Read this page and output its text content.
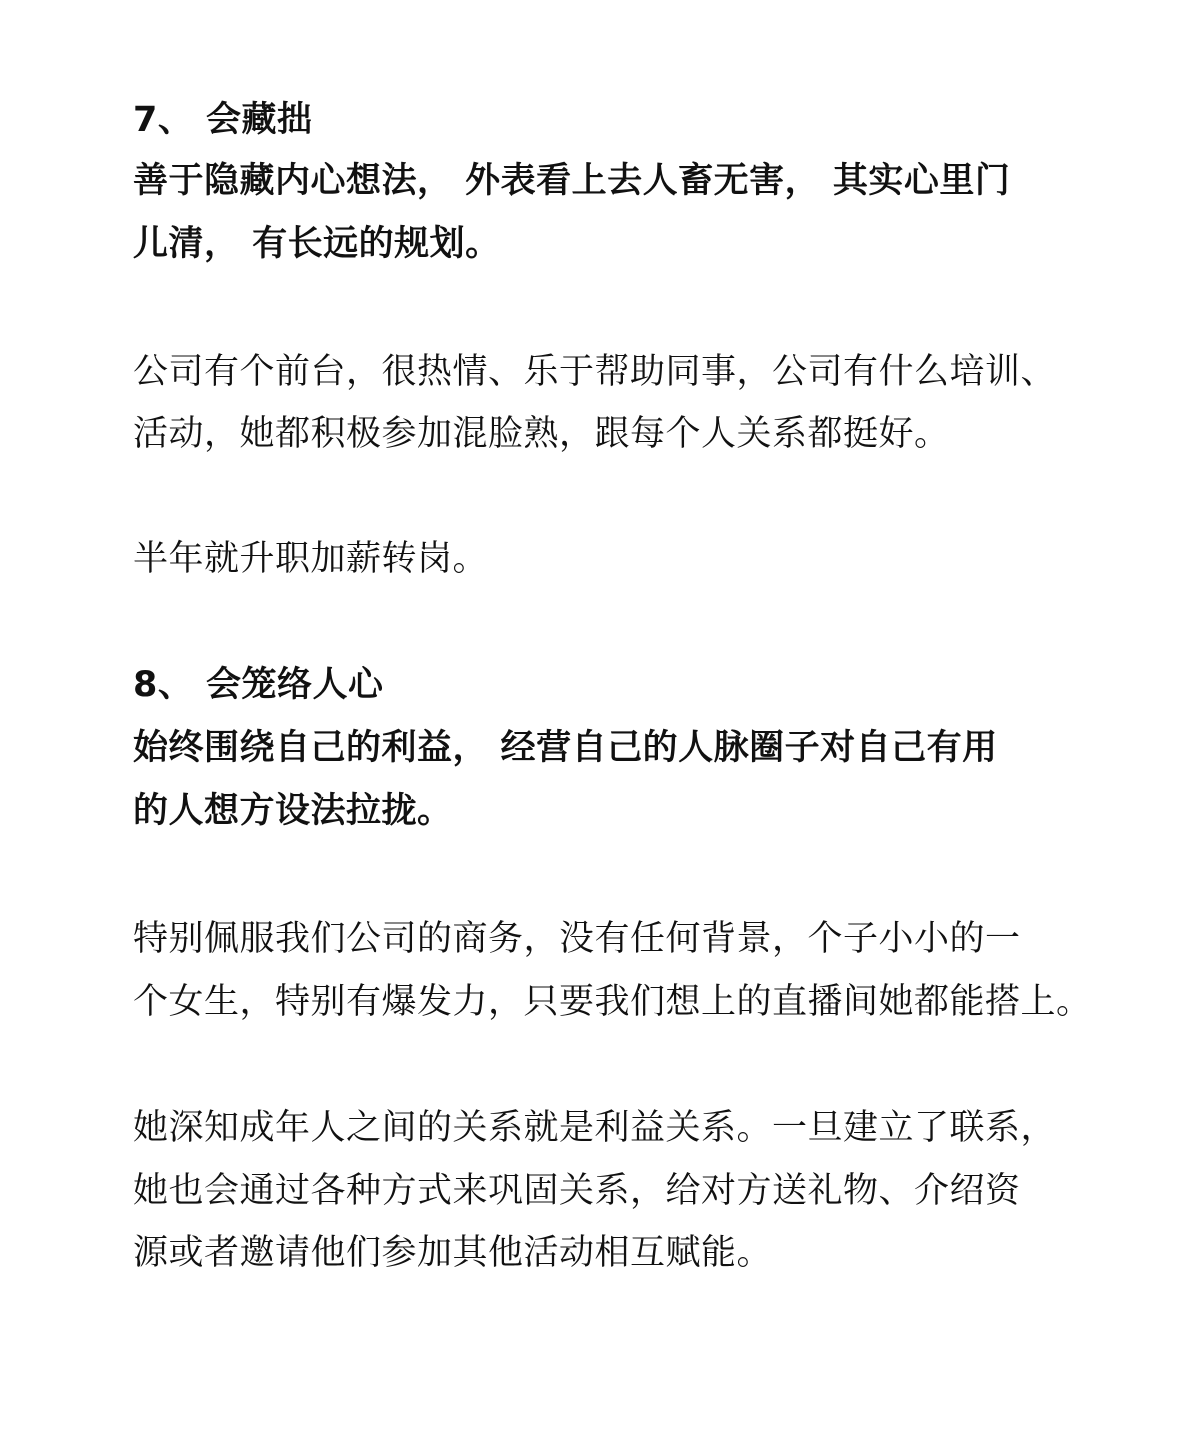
7、 会藏拙
善于隐藏内心想法， 外表看上去人畜无害， 其实心里门
儿清， 有长远的规划。
公司有个前台，很热情、乐于帮助同事，公司有什么培训、
活动，她都积极参加混脸熟，跟每个人关系都挺好。
半年就升职加薪转岗。
8、 会笼络人心
始终围绕自己的利益， 经营自己的人脉圈子对自己有用
的人想方设法拉拢。
特别佩服我们公司的商务，没有任何背景，个子小小的一
个女生，特别有爆发力，只要我们想上的直播间她都能搭上。
她深知成年人之间的关系就是利益关系。一旦建立了联系，
她也会通过各种方式来巩固关系，给对方送礼物、介绍资
源或者邀请他们参加其他活动相互赋能。
